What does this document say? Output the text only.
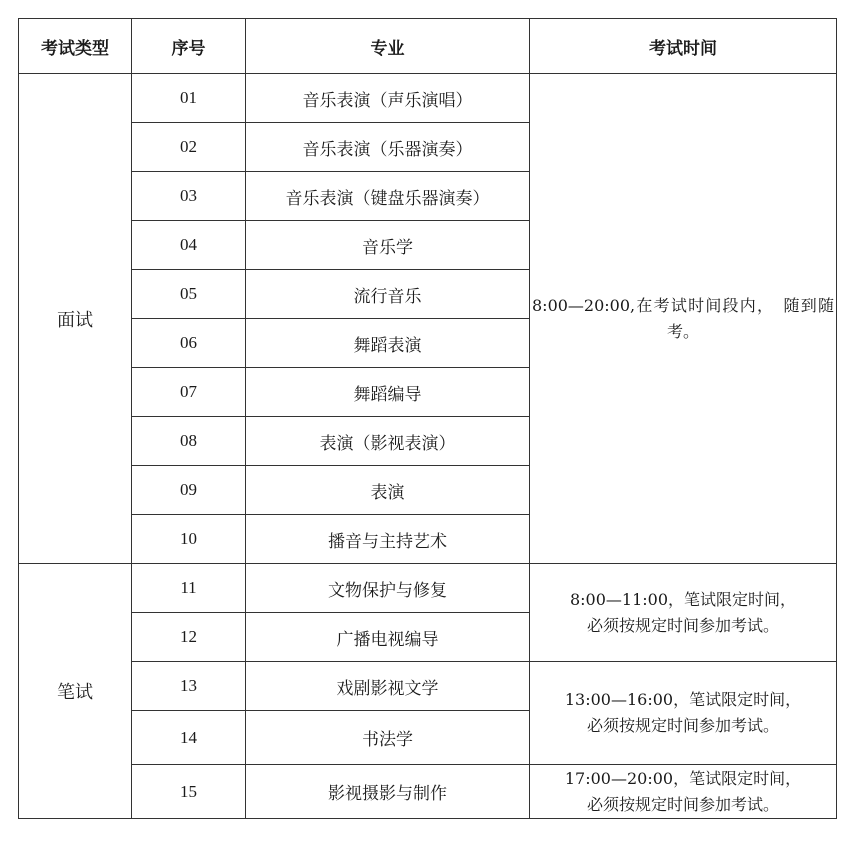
考试类型	序号	专业	考试时间
面试	01	音乐表演（声乐演唱）	8:00—20:00,在考试时间段内，　随到随考。
	02	音乐表演（乐器演奏）	
	03	音乐表演（键盘乐器演奏）	
	04	音乐学	
	05	流行音乐	
	06	舞蹈表演	
	07	舞蹈编导	
	08	表演（影视表演）	
	09	表演	
	10	播音与主持艺术	
笔试	11	文物保护与修复	8:00—11:00，笔试限定时间，
必须按规定时间参加考试。

	12	广播电视编导	
	13	戏剧影视文学	13:00—16:00，笔试限定时间，
必须按规定时间参加考试。

	14	书法学	
	15	影视摄影与制作	17:00—20:00，笔试限定时间，
必须按规定时间参加考试。
